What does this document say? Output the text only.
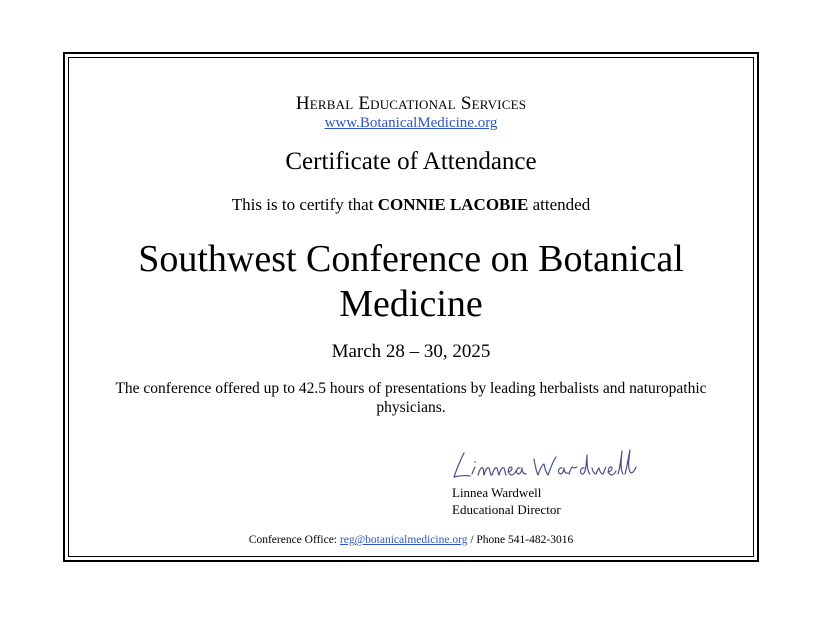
Herbal Educational Services
www.BotanicalMedicine.org
Certificate of Attendance
This is to certify that CONNIE LACOBIE attended
Southwest Conference on Botanical Medicine
March 28 – 30, 2025
The conference offered up to 42.5 hours of presentations by leading herbalists and naturopathic physicians.
Linnea Wardwell
Educational Director
Conference Office: reg@botanicalmedicine.org / Phone 541-482-3016
